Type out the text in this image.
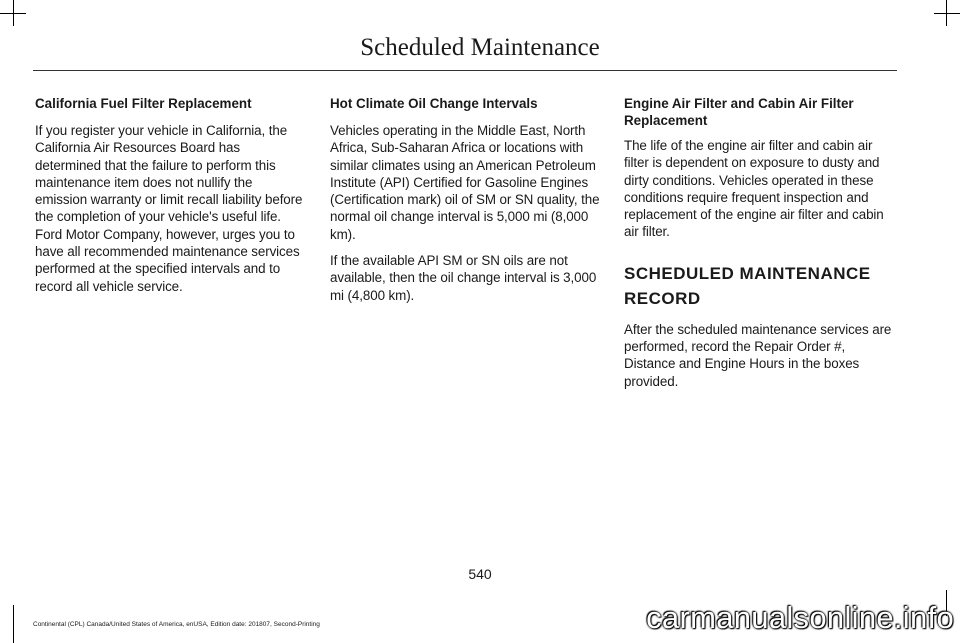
Scheduled Maintenance
California Fuel Filter Replacement
If you register your vehicle in California, the California Air Resources Board has determined that the failure to perform this maintenance item does not nullify the emission warranty or limit recall liability before the completion of your vehicle's useful life. Ford Motor Company, however, urges you to have all recommended maintenance services performed at the specified intervals and to record all vehicle service.
Hot Climate Oil Change Intervals
Vehicles operating in the Middle East, North Africa, Sub-Saharan Africa or locations with similar climates using an American Petroleum Institute (API) Certified for Gasoline Engines (Certification mark) oil of SM or SN quality, the normal oil change interval is 5,000 mi (8,000 km).
If the available API SM or SN oils are not available, then the oil change interval is 3,000 mi (4,800 km).
Engine Air Filter and Cabin Air Filter Replacement
The life of the engine air filter and cabin air filter is dependent on exposure to dusty and dirty conditions. Vehicles operated in these conditions require frequent inspection and replacement of the engine air filter and cabin air filter.
SCHEDULED MAINTENANCE
RECORD
After the scheduled maintenance services are performed, record the Repair Order #, Distance and Engine Hours in the boxes provided.
540
Continental (CPL) Canada/United States of America, enUSA, Edition date: 201807, Second-Printing	carmanualsonline.info
